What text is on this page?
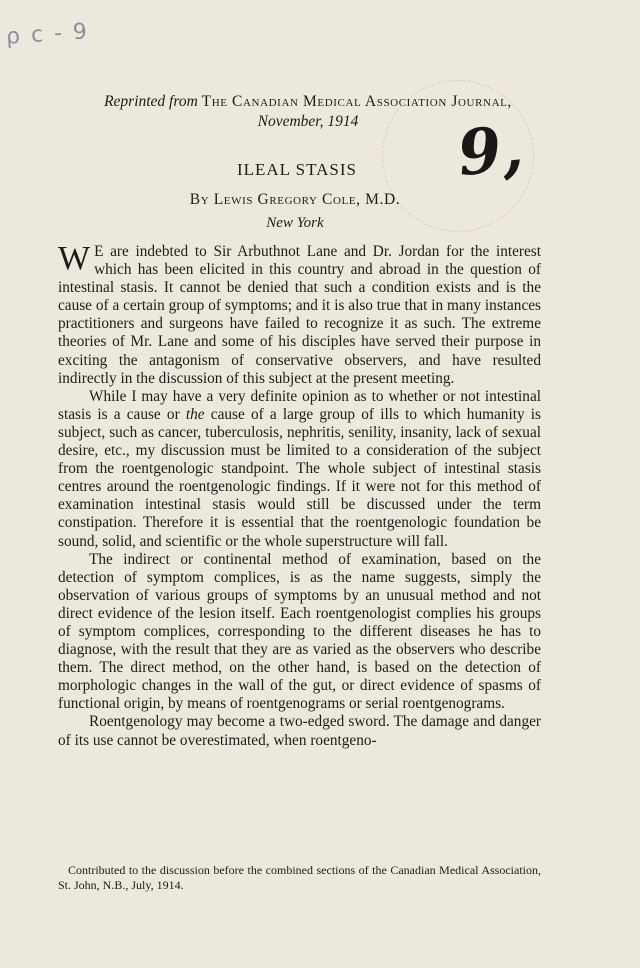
ρ c - 9
9,
Reprinted from The Canadian Medical Association Journal,
November, 1914
ILEAL STASIS
By Lewis Gregory Cole, M.D.
New York

W E are indebted to Sir Arbuthnot Lane and Dr. Jordan for the interest which has been elicited in this country and abroad in the question of intestinal stasis. It cannot be denied that such a condition exists and is the cause of a certain group of symptoms; and it is also true that in many instances practitioners and surgeons have failed to recognize it as such. The extreme theories of Mr. Lane and some of his disciples have served their purpose in exciting the antagonism of conservative observers, and have resulted indirectly in the discussion of this subject at the present meeting.

While I may have a very definite opinion as to whether or not intestinal stasis is a cause or the cause of a large group of ills to which humanity is subject, such as cancer, tuberculosis, nephritis, senility, insanity, lack of sexual desire, etc., my discussion must be limited to a consideration of the subject from the roentgenologic standpoint. The whole subject of intestinal stasis centres around the roentgenologic findings. If it were not for this method of examination intestinal stasis would still be discussed under the term constipation. Therefore it is essential that the roentgenologic foundation be sound, solid, and scientific or the whole superstructure will fall.

The indirect or continental method of examination, based on the detection of symptom complices, is as the name suggests, simply the observation of various groups of symptoms by an unusual method and not direct evidence of the lesion itself. Each roentgenologist complies his groups of symptom complices, corresponding to the different diseases he has to diagnose, with the result that they are as varied as the observers who describe them. The direct method, on the other hand, is based on the detection of morphologic changes in the wall of the gut, or direct evidence of spasms of functional origin, by means of roentgenograms or serial roentgenograms.

Roentgenology may become a two-edged sword. The damage and danger of its use cannot be overestimated, when roentgeno-

Contributed to the discussion before the combined sections of the Canadian Medical Association, St. John, N.B., July, 1914.
